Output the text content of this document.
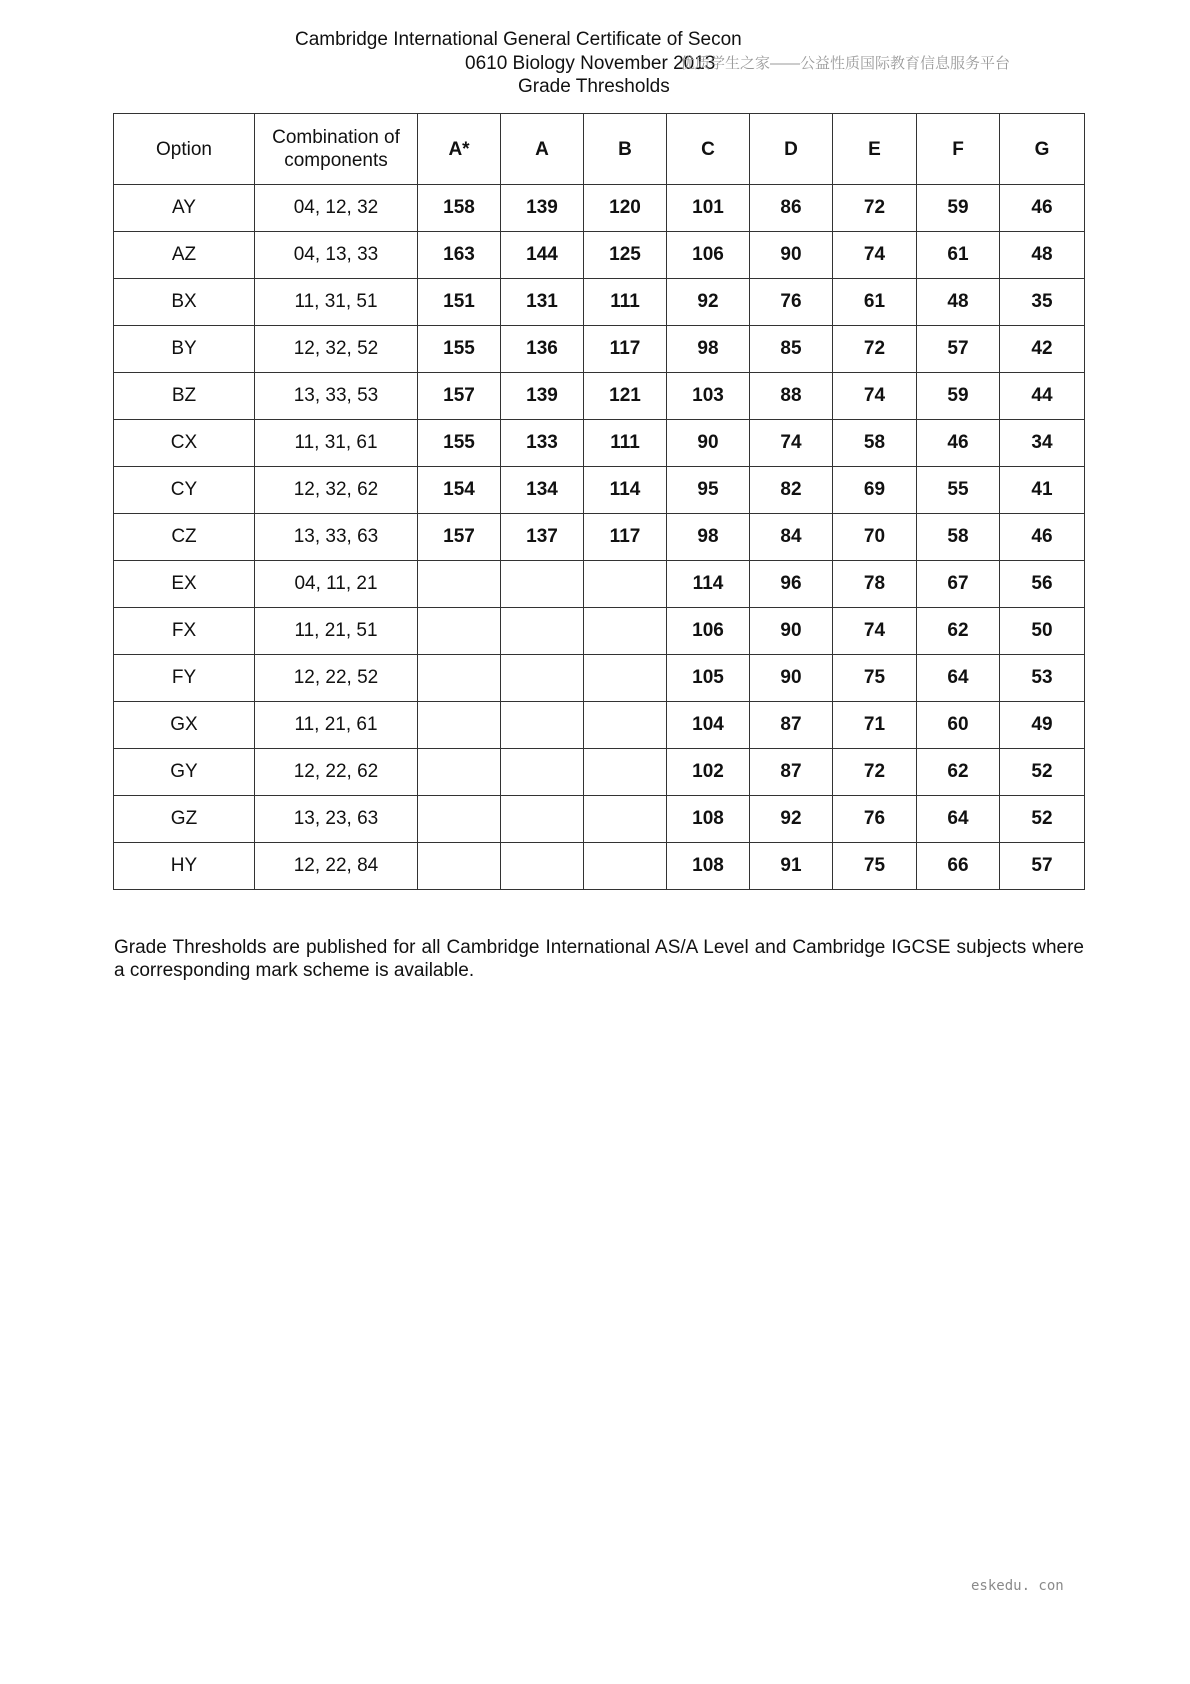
Cambridge International General Certificate of Secon
0610 Biology November 2013
优质学生之家——公益性质国际教育信息服务平台
Grade Thresholds
Option	Combination of components	A*	A	B	C	D	E	F	G
AY	04, 12, 32	158	139	120	101	86	72	59	46
AZ	04, 13, 33	163	144	125	106	90	74	61	48
BX	11, 31, 51	151	131	111	92	76	61	48	35
BY	12, 32, 52	155	136	117	98	85	72	57	42
BZ	13, 33, 53	157	139	121	103	88	74	59	44
CX	11, 31, 61	155	133	111	90	74	58	46	34
CY	12, 32, 62	154	134	114	95	82	69	55	41
CZ	13, 33, 63	157	137	117	98	84	70	58	46
EX	04, 11, 21				114	96	78	67	56
FX	11, 21, 51				106	90	74	62	50
FY	12, 22, 52				105	90	75	64	53
GX	11, 21, 61				104	87	71	60	49
GY	12, 22, 62				102	87	72	62	52
GZ	13, 23, 63				108	92	76	64	52
HY	12, 22, 84				108	91	75	66	57
Grade Thresholds are published for all Cambridge International AS/A Level and Cambridge IGCSE subjects where a corresponding mark scheme is available.
eskedu. con
